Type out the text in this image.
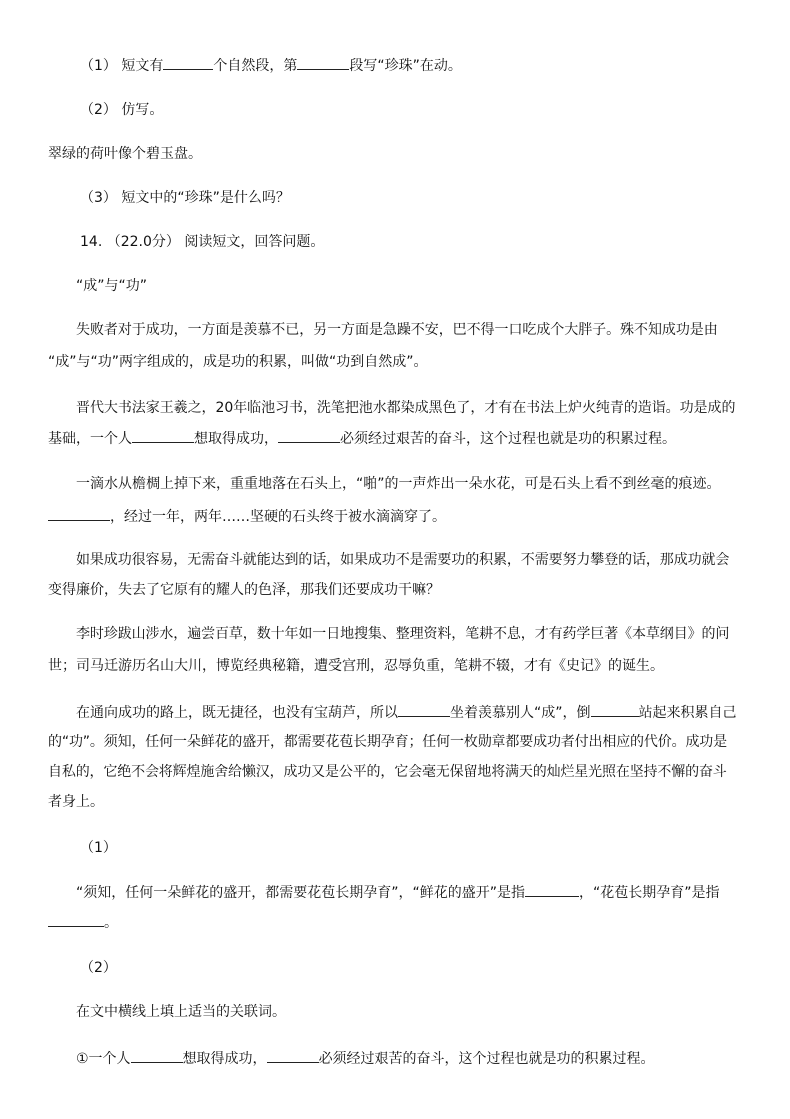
（1） 短文有	个自然段，第	段写“珍珠”在动。
（2） 仿写。
翠绿的荷叶像个碧玉盘。
（3） 短文中的“珍珠”是什么吗？
14. （22.0分） 阅读短文，回答问题。
“成”与“功”
失败者对于成功，一方面是羡慕不已，另一方面是急躁不安，巴不得一口吃成个大胖子。殊不知成功是由
“成”与“功”两字组成的，成是功的积累，叫做“功到自然成”。
晋代大书法家王羲之，20年临池习书，洗笔把池水都染成黑色了，才有在书法上炉火纯青的造诣。功是成的
基础，一个人	想取得成功，	必须经过艰苦的奋斗，这个过程也就是功的积累过程。
一滴水从檐椆上掉下来，重重地落在石头上，“啪”的一声炸出一朵水花，可是石头上看不到丝毫的痕迹。
，经过一年，两年……坚硬的石头终于被水滴滴穿了。
如果成功很容易，无需奋斗就能达到的话，如果成功不是需要功的积累，不需要努力攀登的话，那成功就会
变得廉价，失去了它原有的耀人的色泽，那我们还要成功干嘛？
李时珍跋山涉水，遍尝百草，数十年如一日地搜集、整理资料，笔耕不息，才有药学巨著《本草纲目》的问
世；司马迁游历名山大川，博览经典秘籍，遭受宫刑，忍辱负重，笔耕不辍，才有《史记》的诞生。
在通向成功的路上，既无捷径，也没有宝葫芦，所以	坐着羡慕别人“成”，倒	站起来积累自己
的“功”。须知，任何一朵鲜花的盛开，都需要花苞长期孕育；任何一枚勋章都要成功者付出相应的代价。成功是
自私的，它绝不会将辉煌施舍给懒汉，成功又是公平的，它会毫无保留地将满天的灿烂星光照在坚持不懈的奋斗
者身上。
（1）
“须知，任何一朵鲜花的盛开，都需要花苞长期孕育”，“鲜花的盛开”是指	，“花苞长期孕育”是指
。
（2）
在文中横线上填上适当的关联词。
①一个人	想取得成功，	必须经过艰苦的奋斗，这个过程也就是功的积累过程。
